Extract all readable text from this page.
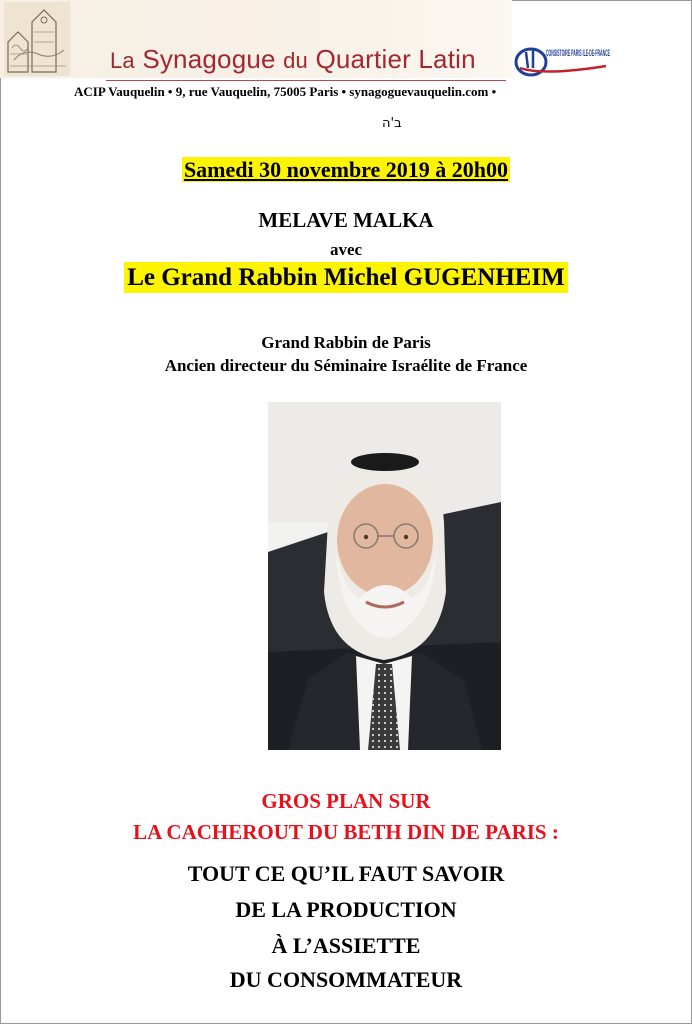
La Synagogue du Quartier Latin
ACIP Vauquelin • 9, rue Vauquelin, 75005 Paris • synagoguevauquelin.com •
CONSISTOIRE PARIS ILE-DE-FRANCE
ב'ה
Samedi 30 novembre 2019 à 20h00
MELAVE MALKA
avec
Le Grand Rabbin Michel GUGENHEIM
Grand Rabbin de Paris
Ancien directeur du Séminaire Israélite de France
GROS PLAN SUR
LA CACHEROUT DU BETH DIN DE PARIS :
TOUT CE QU’IL FAUT SAVOIR
DE LA PRODUCTION
À L’ASSIETTE
DU CONSOMMATEUR
